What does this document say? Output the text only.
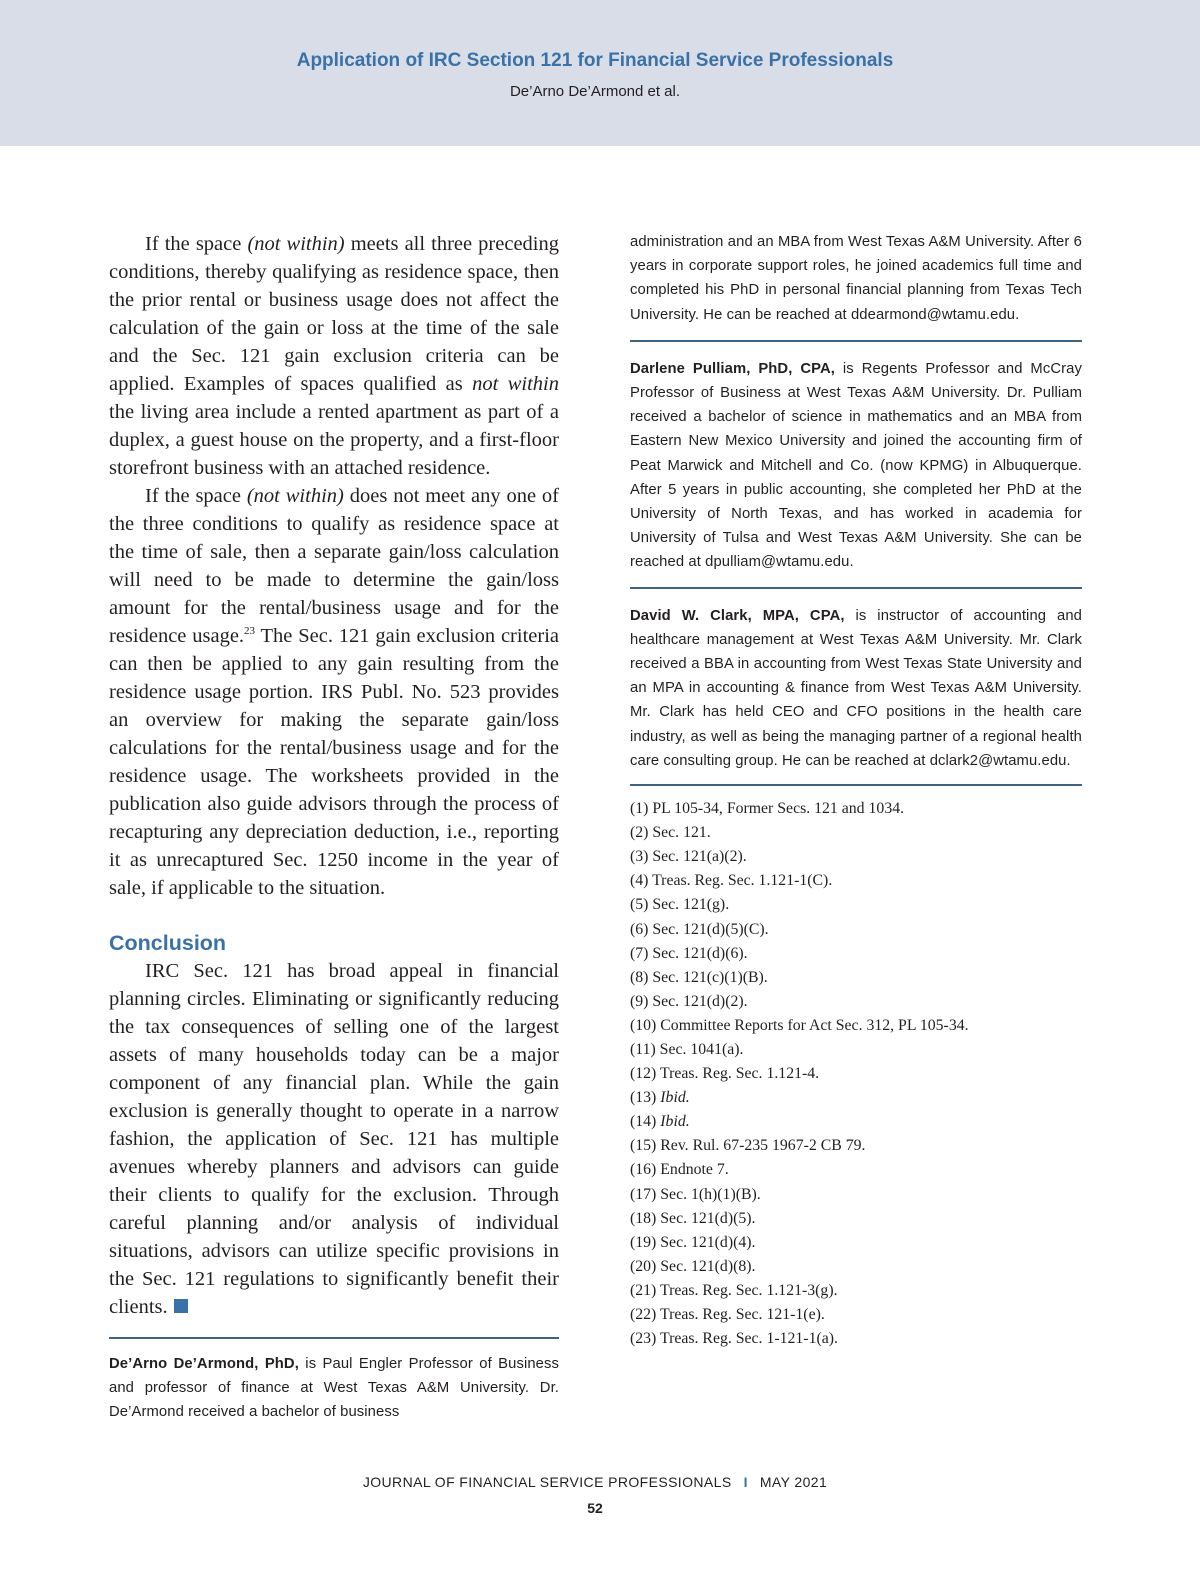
Application of IRC Section 121 for Financial Service Professionals
De’Arno De’Armond et al.

If the space (not within) meets all three preceding conditions, thereby qualifying as residence space, then the prior rental or business usage does not affect the calculation of the gain or loss at the time of the sale and the Sec. 121 gain exclusion criteria can be applied. Examples of spaces qualified as not within the living area include a rented apartment as part of a duplex, a guest house on the property, and a first-floor storefront business with an attached residence.

If the space (not within) does not meet any one of the three conditions to qualify as residence space at the time of sale, then a separate gain/loss calculation will need to be made to determine the gain/loss amount for the rental/business usage and for the residence usage.$^{23}$ The Sec. 121 gain exclusion criteria can then be applied to any gain resulting from the residence usage portion. IRS Publ. No. 523 provides an overview for making the separate gain/loss calculations for the rental/business usage and for the residence usage. The worksheets provided in the publication also guide advisors through the process of recapturing any depreciation deduction, i.e., reporting it as unrecaptured Sec. 1250 income in the year of sale, if applicable to the situation.

Conclusion

IRC Sec. 121 has broad appeal in financial planning circles. Eliminating or significantly reducing the tax consequences of selling one of the largest assets of many households today can be a major component of any financial plan. While the gain exclusion is generally thought to operate in a narrow fashion, the application of Sec. 121 has multiple avenues whereby planners and advisors can guide their clients to qualify for the exclusion. Through careful planning and/or analysis of individual situations, advisors can utilize specific provisions in the Sec. 121 regulations to significantly benefit their clients.

De’Arno De’Armond, PhD, is Paul Engler Professor of Business and professor of finance at West Texas A&M University. Dr. De’Armond received a bachelor of business

administration and an MBA from West Texas A&M University. After 6 years in corporate support roles, he joined academics full time and completed his PhD in personal financial planning from Texas Tech University. He can be reached at ddearmond@wtamu.edu.

Darlene Pulliam, PhD, CPA, is Regents Professor and McCray Professor of Business at West Texas A&M University. Dr. Pulliam received a bachelor of science in mathematics and an MBA from Eastern New Mexico University and joined the accounting firm of Peat Marwick and Mitchell and Co. (now KPMG) in Albuquerque. After 5 years in public accounting, she completed her PhD at the University of North Texas, and has worked in academia for University of Tulsa and West Texas A&M University. She can be reached at dpulliam@wtamu.edu.

David W. Clark, MPA, CPA, is instructor of accounting and healthcare management at West Texas A&M University. Mr. Clark received a BBA in accounting from West Texas State University and an MPA in accounting & finance from West Texas A&M University. Mr. Clark has held CEO and CFO positions in the health care industry, as well as being the managing partner of a regional health care consulting group. He can be reached at dclark2@wtamu.edu.

(1) PL 105-34, Former Secs. 121 and 1034.
(2) Sec. 121.
(3) Sec. 121(a)(2).
(4) Treas. Reg. Sec. 1.121-1(C).
(5) Sec. 121(g).
(6) Sec. 121(d)(5)(C).
(7) Sec. 121(d)(6).
(8) Sec. 121(c)(1)(B).
(9) Sec. 121(d)(2).
(10) Committee Reports for Act Sec. 312, PL 105-34.
(11) Sec. 1041(a).
(12) Treas. Reg. Sec. 1.121-4.
(13) Ibid.
(14) Ibid.
(15) Rev. Rul. 67-235 1967-2 CB 79.
(16) Endnote 7.
(17) Sec. 1(h)(1)(B).
(18) Sec. 121(d)(5).
(19) Sec. 121(d)(4).
(20) Sec. 121(d)(8).
(21) Treas. Reg. Sec. 1.121-3(g).
(22) Treas. Reg. Sec. 121-1(e).
(23) Treas. Reg. Sec. 1-121-1(a).
JOURNAL OF FINANCIAL SERVICE PROFESSIONALS I MAY 2021
52
